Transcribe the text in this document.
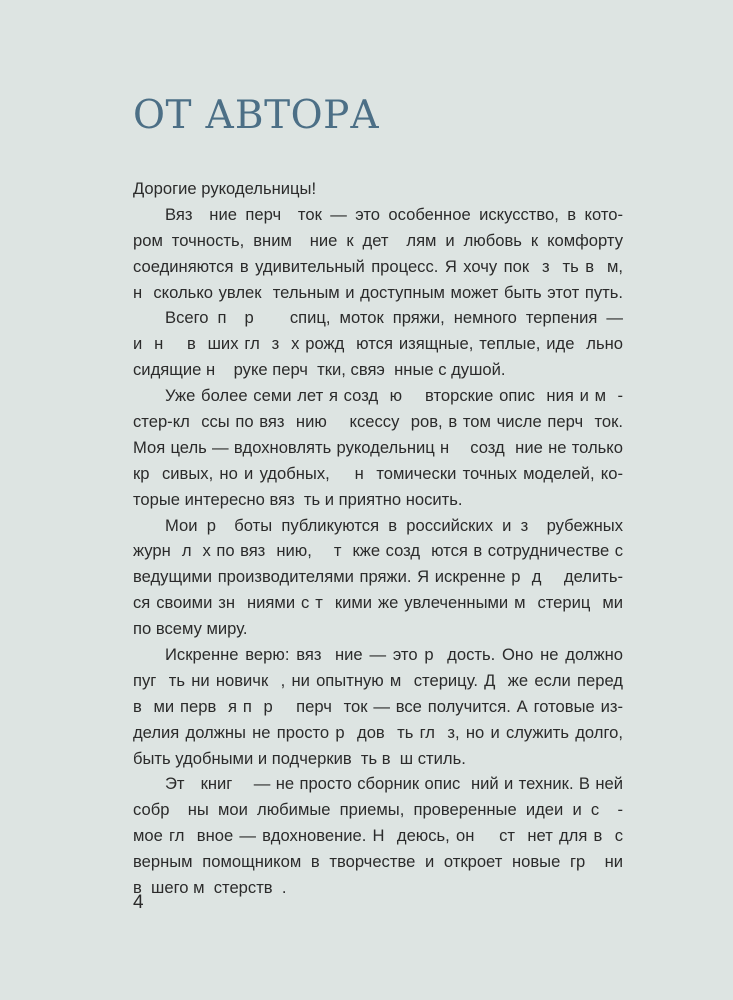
ОТ АВТОРА
Дорогие рукодельницы!
Вяз  ние перч  ток — это особенное искусство, в кото-
ром точность, вним  ние к дет  лям и любовь к комфорту
соединяются в удивительный процесс. Я хочу пок  з  ть в  м,
н  сколько увлек  тельным и доступным может быть этот путь.
Всего п  р    спиц, моток пряжи, немного терпения —
и  н    в  ших гл  з  х рожд  ются изящные, теплые, иде  льно
сидящие н    руке перч  тки, свяэ  нные с душой.
Уже более семи лет я созд  ю    вторские опис  ния и м  -
стер-кл  ссы по вяз  нию    ксессу  ров, в том числе перч  ток.
Моя цель — вдохновлять рукодельниц н    созд  ние не только
кр  сивых, но и удобных,    н  томически точных моделей, ко-
торые интересно вяз  ть и приятно носить.
Мои р  боты публикуются в российских и з  рубежных
журн  л  х по вяз  нию,    т  кже созд  ются в сотрудничестве с
ведущими производителями пряжи. Я искренне р  д    делить-
ся своими зн  ниями с т  кими же увлеченными м  стериц  ми
по всему миру.
Искренне верю: вяз  ние — это р  дость. Оно не должно
пуг  ть ни новичк  , ни опытную м  стерицу. Д  же если перед
в  ми перв  я п  р    перч  ток — все получится. А готовые из-
делия должны не просто р  дов  ть гл  з, но и служить долго,
быть удобными и подчеркив  ть в  ш стиль.
Эт   книг    — не просто сборник опис  ний и техник. В ней
собр  ны мои любимые приемы, проверенные идеи и с  -
мое гл  вное — вдохновение. Н  деюсь, он    ст  нет для в  с
верным помощником в творчестве и откроет новые гр  ни
в  шего м  стерств  .
4
